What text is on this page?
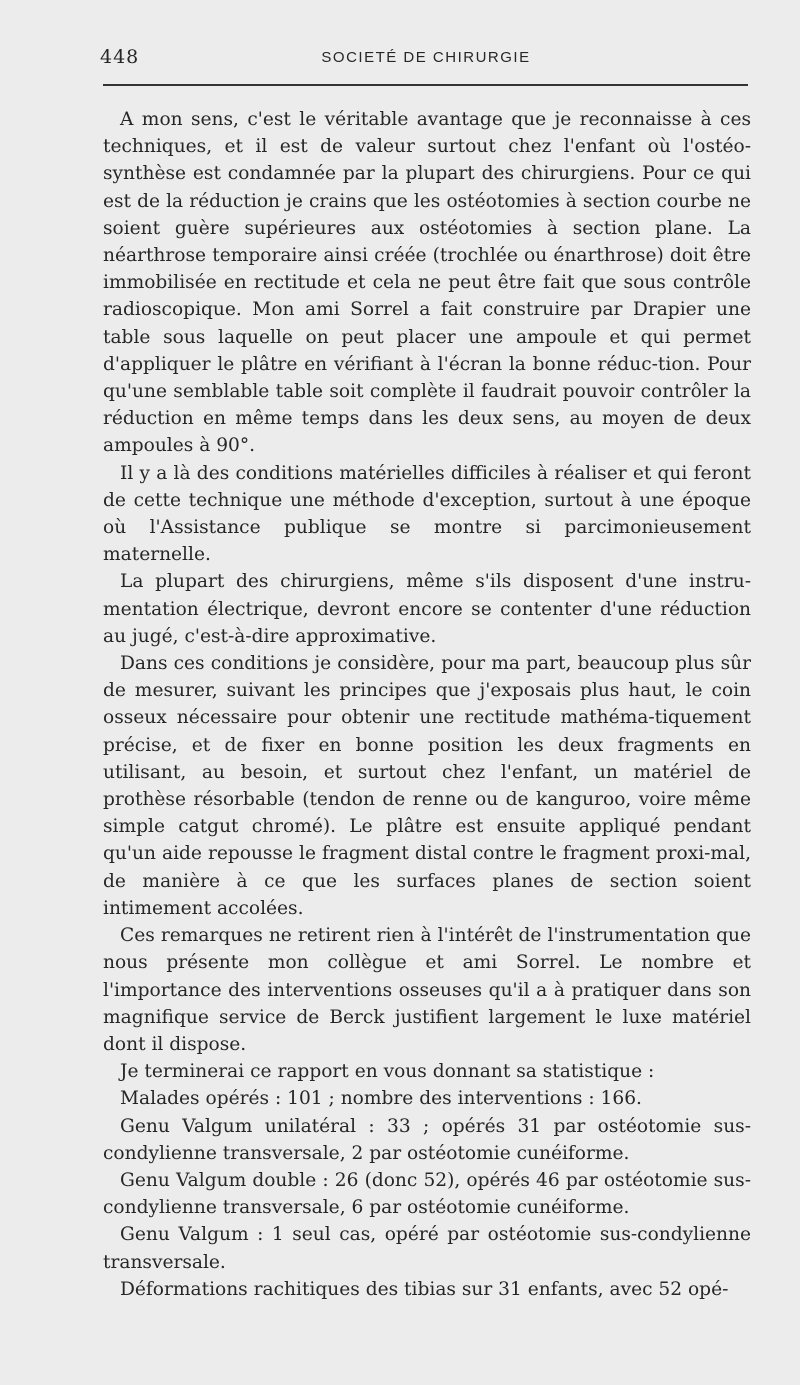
448	SOCIETÉ DE CHIRURGIE

A mon sens, c'est le véritable avantage que je reconnaisse à ces techniques, et il est de valeur surtout chez l'enfant où l'ostéo-synthèse est condamnée par la plupart des chirurgiens. Pour ce qui est de la réduction je crains que les ostéotomies à section courbe ne soient guère supérieures aux ostéotomies à section plane. La néarthrose temporaire ainsi créée (trochlée ou énarthrose) doit être immobilisée en rectitude et cela ne peut être fait que sous contrôle radioscopique. Mon ami Sorrel a fait construire par Drapier une table sous laquelle on peut placer une ampoule et qui permet d'appliquer le plâtre en vérifiant à l'écran la bonne réduc-tion. Pour qu'une semblable table soit complète il faudrait pouvoir contrôler la réduction en même temps dans les deux sens, au moyen de deux ampoules à 90°.

Il y a là des conditions matérielles difficiles à réaliser et qui feront de cette technique une méthode d'exception, surtout à une époque où l'Assistance publique se montre si parcimonieusement maternelle.

La plupart des chirurgiens, même s'ils disposent d'une instru-mentation électrique, devront encore se contenter d'une réduction au jugé, c'est-à-dire approximative.

Dans ces conditions je considère, pour ma part, beaucoup plus sûr de mesurer, suivant les principes que j'exposais plus haut, le coin osseux nécessaire pour obtenir une rectitude mathéma-tiquement précise, et de fixer en bonne position les deux fragments en utilisant, au besoin, et surtout chez l'enfant, un matériel de prothèse résorbable (tendon de renne ou de kanguroo, voire même simple catgut chromé). Le plâtre est ensuite appliqué pendant qu'un aide repousse le fragment distal contre le fragment proxi-mal, de manière à ce que les surfaces planes de section soient intimement accolées.

Ces remarques ne retirent rien à l'intérêt de l'instrumentation que nous présente mon collègue et ami Sorrel. Le nombre et l'importance des interventions osseuses qu'il a à pratiquer dans son magnifique service de Berck justifient largement le luxe matériel dont il dispose.

Je terminerai ce rapport en vous donnant sa statistique :

Malades opérés : 101 ; nombre des interventions : 166.

Genu Valgum unilatéral : 33 ; opérés 31 par ostéotomie sus-condylienne transversale, 2 par ostéotomie cunéiforme.

Genu Valgum double : 26 (donc 52), opérés 46 par ostéotomie sus-condylienne transversale, 6 par ostéotomie cunéiforme.

Genu Valgum : 1 seul cas, opéré par ostéotomie sus-condylienne transversale.

Déformations rachitiques des tibias sur 31 enfants, avec 52 opé-
